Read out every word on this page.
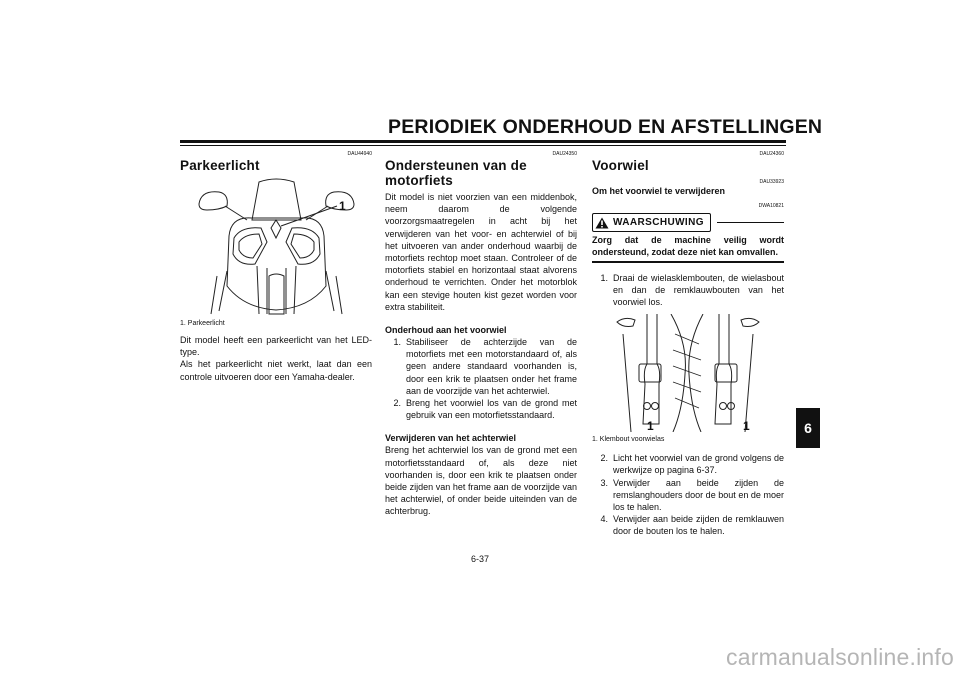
PERIODIEK ONDERHOUD EN AFSTELLINGEN
6
DAU44940
Parkeerlicht
1
1. Parkeerlicht

Dit model heeft een parkeerlicht van het LED-type.

Als het parkeerlicht niet werkt, laat dan een controle uitvoeren door een Yamaha-dealer.

DAU24350
Ondersteunen van de motorfiets

Dit model is niet voorzien van een middenbok, neem daarom de volgende voorzorgsmaatregelen in acht bij het verwijderen van het voor- en achterwiel of bij het uitvoeren van ander onderhoud waarbij de motorfiets rechtop moet staan. Controleer of de motorfiets stabiel en horizontaal staat alvorens onderhoud te verrichten. Onder het motorblok kan een stevige houten kist gezet worden voor extra stabiliteit.

Onderhoud aan het voorwiel
1. Stabiliseer de achterzijde van de motorfiets met een motorstandaard of, als geen andere standaard voorhanden is, door een krik te plaatsen onder het frame aan de voorzijde van het achterwiel.
2. Breng het voorwiel los van de grond met gebruik van een motorfietsstandaard.
Verwijderen van het achterwiel

Breng het achterwiel los van de grond met een motorfietsstandaard of, als deze niet voorhanden is, door een krik te plaatsen onder beide zijden van het frame aan de voorzijde van het achterwiel, of onder beide uiteinden van de achterbrug.

DAU24360
Voorwiel
DAU33923
Om het voorwiel te verwijderen
DWA10821
WAARSCHUWING

Zorg dat de machine veilig wordt ondersteund, zodat deze niet kan omvallen.

1. Draai de wielasklembouten, de wielasbout en dan de remklauwbouten van het voorwiel los.
1	1
1. Klembout voorwielas
2. Licht het voorwiel van de grond volgens de werkwijze op pagina 6-37.
3. Verwijder aan beide zijden de remslanghouders door de bout en de moer los te halen.
4. Verwijder aan beide zijden de remklauwen door de bouten los te halen.
6-37
carmanualsonline.info
